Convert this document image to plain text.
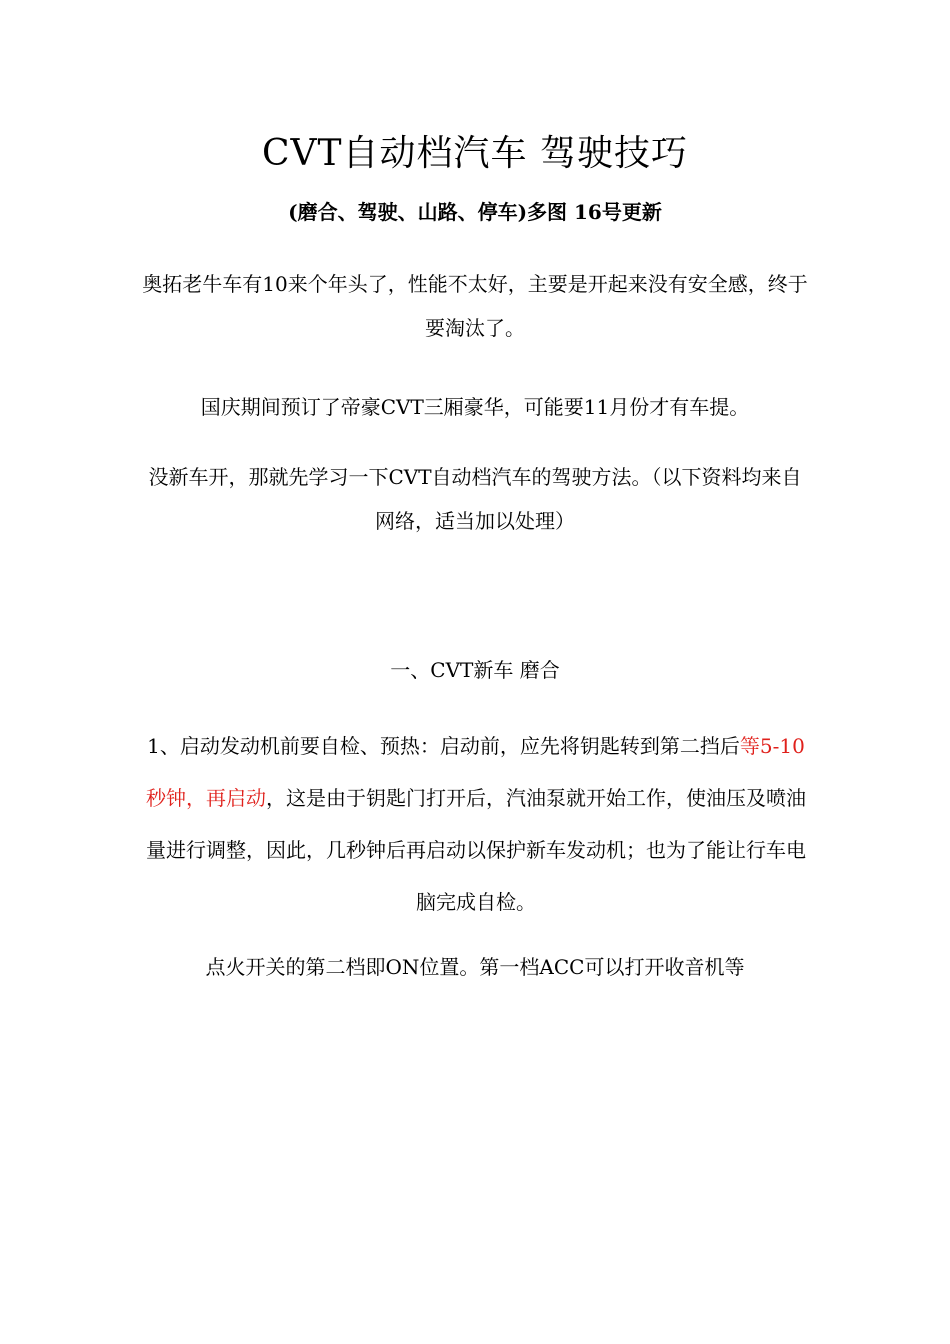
CVT自动档汽车 驾驶技巧

(磨合、驾驶、山路、停车)多图 16号更新

奥拓老牛车有10来个年头了，性能不太好，主要是开起来没有安全感，终于要淘汰了。

国庆期间预订了帝豪CVT三厢豪华，可能要11月份才有车提。

没新车开，那就先学习一下CVT自动档汽车的驾驶方法。（以下资料均来自网络，适当加以处理）

一、CVT新车 磨合

1、启动发动机前要自检、预热：启动前，应先将钥匙转到第二挡后等5-10秒钟，再启动，这是由于钥匙门打开后，汽油泵就开始工作，使油压及喷油量进行调整，因此，几秒钟后再启动以保护新车发动机；也为了能让行车电脑完成自检。

点火开关的第二档即ON位置。第一档ACC可以打开收音机等
